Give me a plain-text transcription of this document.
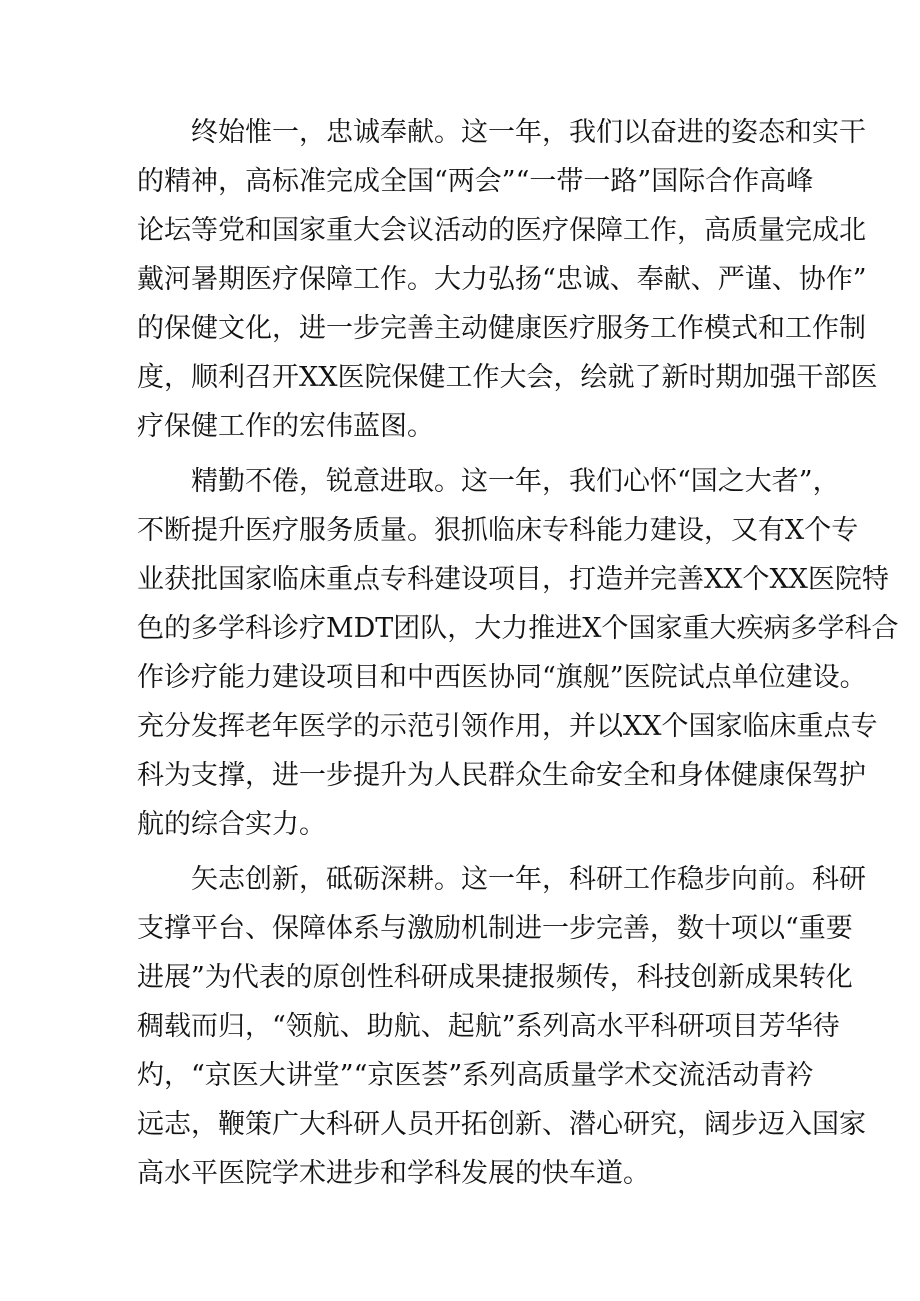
终始惟一，忠诚奉献。这一年，我们以奋进的姿态和实干
的精神，高标准完成全国“两会”“一带一路”国际合作高峰
论坛等党和国家重大会议活动的医疗保障工作，高质量完成北
戴河暑期医疗保障工作。大力弘扬“忠诚、奉献、严谨、协作”
的保健文化，进一步完善主动健康医疗服务工作模式和工作制
度，顺利召开XX医院保健工作大会，绘就了新时期加强干部医
疗保健工作的宏伟蓝图。
精勤不倦，锐意进取。这一年，我们心怀“国之大者”，
不断提升医疗服务质量。狠抓临床专科能力建设，又有X个专
业获批国家临床重点专科建设项目，打造并完善XX个XX医院特
色的多学科诊疗MDT团队，大力推进X个国家重大疾病多学科合
作诊疗能力建设项目和中西医协同“旗舰”医院试点单位建设。
充分发挥老年医学的示范引领作用，并以XX个国家临床重点专
科为支撑，进一步提升为人民群众生命安全和身体健康保驾护
航的综合实力。
矢志创新，砥砺深耕。这一年，科研工作稳步向前。科研
支撑平台、保障体系与激励机制进一步完善，数十项以“重要
进展”为代表的原创性科研成果捷报频传，科技创新成果转化
稠载而归，“领航、助航、起航”系列高水平科研项目芳华待
灼，“京医大讲堂”“京医荟”系列高质量学术交流活动青衿
远志，鞭策广大科研人员开拓创新、潜心研究，阔步迈入国家
高水平医院学术进步和学科发展的快车道。
